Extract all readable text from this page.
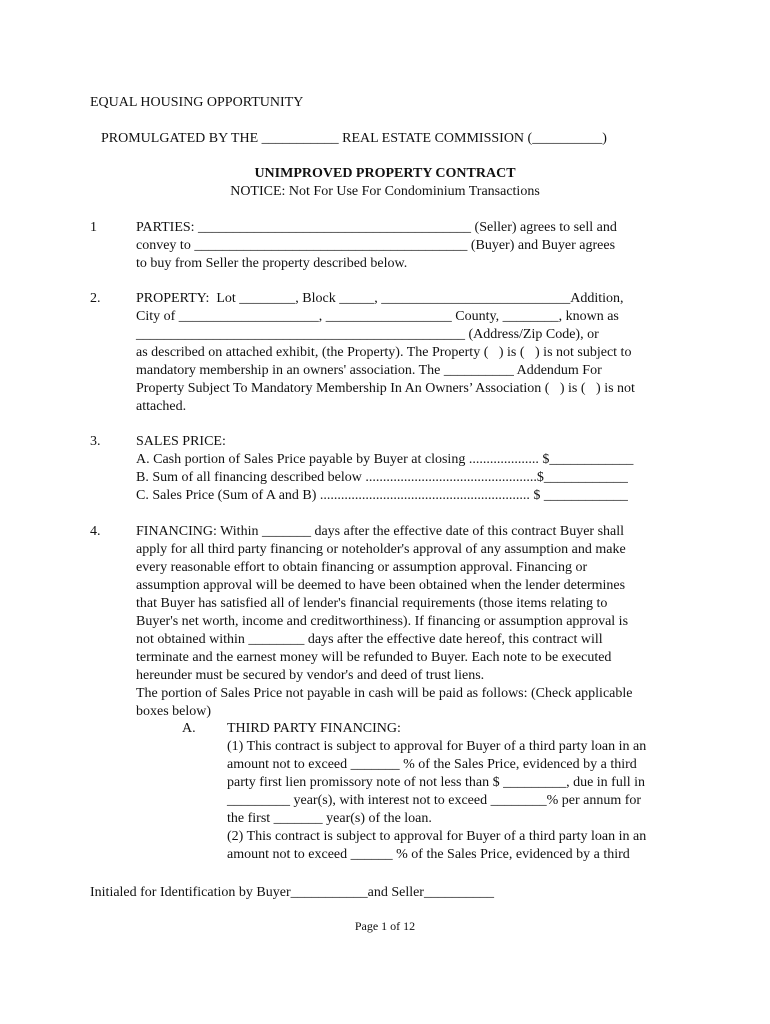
EQUAL HOUSING OPPORTUNITY
PROMULGATED BY THE ___________ REAL ESTATE COMMISSION (__________)
UNIMPROVED PROPERTY CONTRACT
NOTICE: Not For Use For Condominium Transactions
1	PARTIES: _______________________________________ (Seller) agrees to sell and
convey to _______________________________________ (Buyer) and Buyer agrees
to buy from Seller the property described below.
2.	PROPERTY:  Lot ________, Block _____, ___________________________Addition,
City of ____________________, __________________ County, ________, known as
_______________________________________________ (Address/Zip Code), or
as described on attached exhibit, (the Property). The Property (   ) is (   ) is not subject to
mandatory membership in an owners' association. The __________ Addendum For
Property Subject To Mandatory Membership In An Owners’ Association (   ) is (   ) is not
attached.
3.	SALES PRICE:
A. Cash portion of Sales Price payable by Buyer at closing .................... $____________
B. Sum of all financing described below .................................................$____________
C. Sales Price (Sum of A and B) ............................................................ $ ____________
4.	FINANCING: Within _______ days after the effective date of this contract Buyer shall
apply for all third party financing or noteholder's approval of any assumption and make
every reasonable effort to obtain financing or assumption approval. Financing or
assumption approval will be deemed to have been obtained when the lender determines
that Buyer has satisfied all of lender's financial requirements (those items relating to
Buyer's net worth, income and creditworthiness). If financing or assumption approval is
not obtained within ________ days after the effective date hereof, this contract will
terminate and the earnest money will be refunded to Buyer. Each note to be executed
hereunder must be secured by vendor's and deed of trust liens.
The portion of Sales Price not payable in cash will be paid as follows: (Check applicable
boxes below)
A. THIRD PARTY FINANCING:
(1) This contract is subject to approval for Buyer of a third party loan in an
amount not to exceed _______ % of the Sales Price, evidenced by a third
party first lien promissory note of not less than $ _________, due in full in
_________ year(s), with interest not to exceed ________% per annum for
the first _______ year(s) of the loan.
(2) This contract is subject to approval for Buyer of a third party loan in an
amount not to exceed ______ % of the Sales Price, evidenced by a third
Initialed for Identification by Buyer___________and Seller__________
Page 1 of 12
